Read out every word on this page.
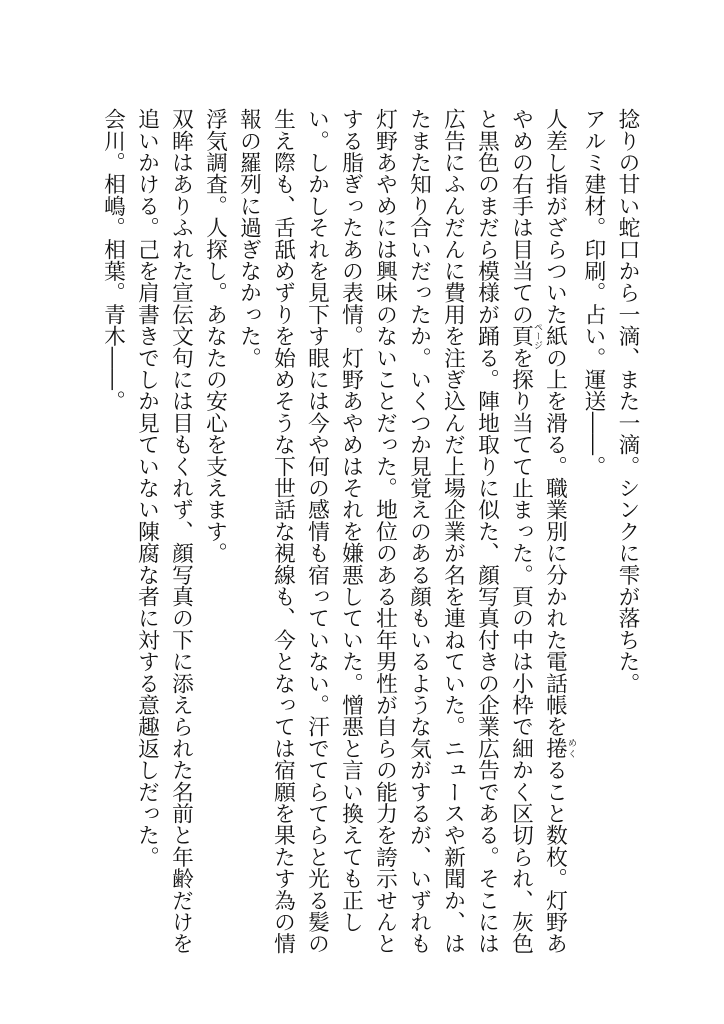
捻りの甘い蛇口から一滴、また一滴。シンクに雫が落ちた。

アルミ建材。印刷。占い。運送――。

人差し指がざらついた紙の上を滑る。職業別に分かれた電話帳を捲めくること数枚。灯野あやめの右手は目当ての頁ページを探り当てて止まった。頁の中は小枠で細かく区切られ、灰色と黒色のまだら模様が踊る。陣地取りに似た、顔写真付きの企業広告である。そこには広告にふんだんに費用を注ぎ込んだ上場企業が名を連ねていた。ニュースや新聞か、はたまた知り合いだったか。いくつか見覚えのある顔もいるような気がするが、いずれも灯野あやめには興味のないことだった。地位のある壮年男性が自らの能力を誇示せんとする脂ぎったあの表情。灯野あやめはそれを嫌悪していた。憎悪と言い換えても正しい。しかしそれを見下す眼には今や何の感情も宿っていない。汗でてらてらと光る髪の生え際も、舌舐めずりを始めそうな下世話な視線も、今となっては宿願を果たす為の情報の羅列に過ぎなかった。

浮気調査。人探し。あなたの安心を支えます。

双眸はありふれた宣伝文句には目もくれず、顔写真の下に添えられた名前と年齢だけを追いかける。己を肩書きでしか見ていない陳腐な者に対する意趣返しだった。

会川。相嶋。相葉。青木――。
